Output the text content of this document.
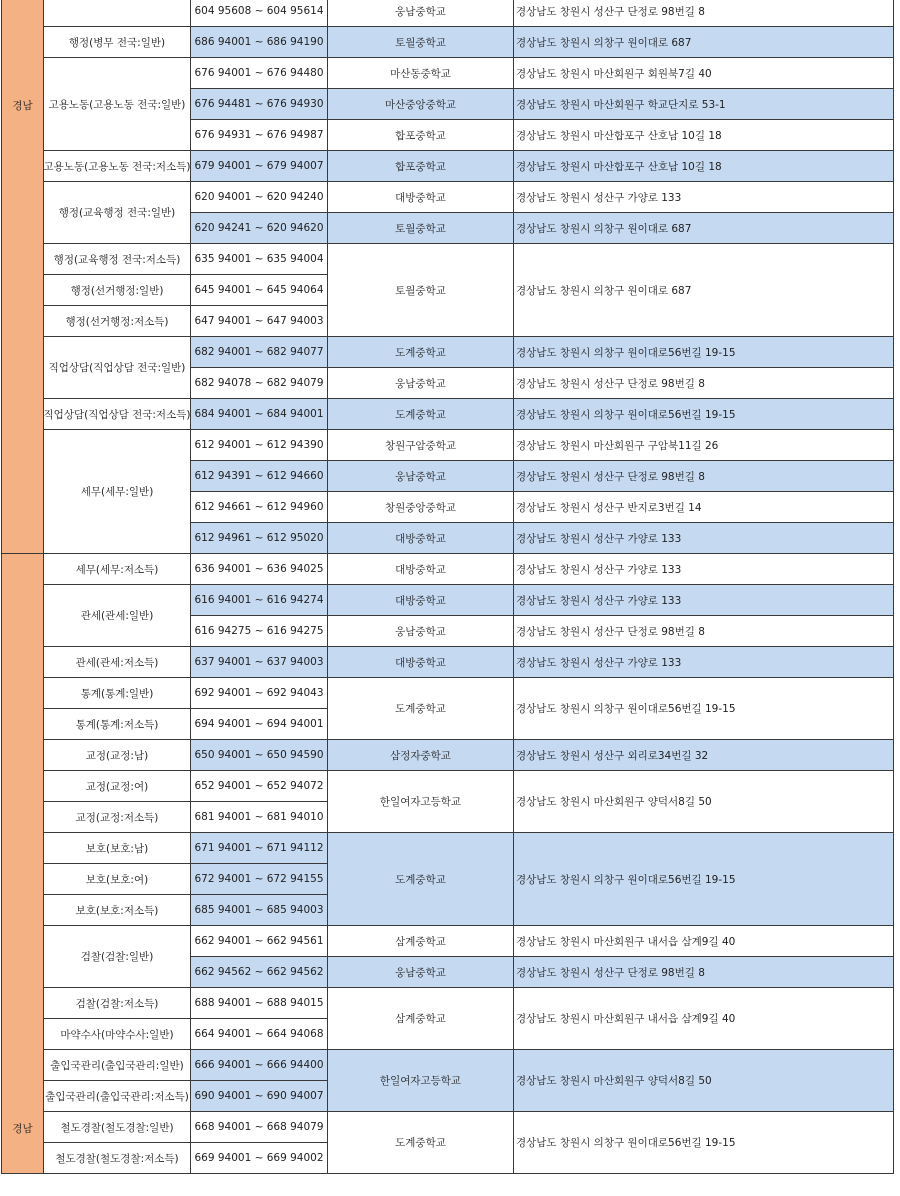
경남
경남
행정(병무 전국:일반)
고용노동(고용노동 전국:일반)
고용노동(고용노동 전국:저소득)
행정(교육행정 전국:일반)
행정(교육행정 전국:저소득)
행정(선거행정:일반)
행정(선거행정:저소득)
직업상담(직업상담 전국:일반)
직업상담(직업상담 전국:저소득)
세무(세무:일반)
세무(세무:저소득)
관세(관세:일반)
관세(관세:저소득)
통계(통계:일반)
통계(통계:저소득)
교정(교정:남)
교정(교정:여)
교정(교정:저소득)
보호(보호:남)
보호(보호:여)
보호(보호:저소득)
검찰(검찰:일반)
검찰(검찰:저소득)
마약수사(마약수사:일반)
출입국관리(출입국관리:일반)
출입국관리(출입국관리:저소득)
철도경찰(철도경찰:일반)
철도경찰(철도경찰:저소득)
604 95608 ~ 604 95614
686 94001 ~ 686 94190
676 94001 ~ 676 94480
676 94481 ~ 676 94930
676 94931 ~ 676 94987
679 94001 ~ 679 94007
620 94001 ~ 620 94240
620 94241 ~ 620 94620
635 94001 ~ 635 94004
645 94001 ~ 645 94064
647 94001 ~ 647 94003
682 94001 ~ 682 94077
682 94078 ~ 682 94079
684 94001 ~ 684 94001
612 94001 ~ 612 94390
612 94391 ~ 612 94660
612 94661 ~ 612 94960
612 94961 ~ 612 95020
636 94001 ~ 636 94025
616 94001 ~ 616 94274
616 94275 ~ 616 94275
637 94001 ~ 637 94003
692 94001 ~ 692 94043
694 94001 ~ 694 94001
650 94001 ~ 650 94590
652 94001 ~ 652 94072
681 94001 ~ 681 94010
671 94001 ~ 671 94112
672 94001 ~ 672 94155
685 94001 ~ 685 94003
662 94001 ~ 662 94561
662 94562 ~ 662 94562
688 94001 ~ 688 94015
664 94001 ~ 664 94068
666 94001 ~ 666 94400
690 94001 ~ 690 94007
668 94001 ~ 668 94079
669 94001 ~ 669 94002
웅남중학교
토월중학교
마산동중학교
마산중앙중학교
합포중학교
합포중학교
대방중학교
토월중학교
토월중학교
도계중학교
웅남중학교
도계중학교
창원구암중학교
웅남중학교
창원중앙중학교
대방중학교
대방중학교
대방중학교
웅남중학교
대방중학교
도계중학교
삼정자중학교
한일여자고등학교
도계중학교
삼계중학교
웅남중학교
삼계중학교
한일여자고등학교
도계중학교
경상남도 창원시 성산구 단정로 98번길 8
경상남도 창원시 의창구 원이대로 687
경상남도 창원시 마산회원구 회원북7길 40
경상남도 창원시 마산회원구 학교단지로 53-1
경상남도 창원시 마산합포구 산호남 10길 18
경상남도 창원시 마산합포구 산호남 10길 18
경상남도 창원시 성산구 가양로 133
경상남도 창원시 의창구 원이대로 687
경상남도 창원시 의창구 원이대로 687
경상남도 창원시 의창구 원이대로56번길 19-15
경상남도 창원시 성산구 단정로 98번길 8
경상남도 창원시 의창구 원이대로56번길 19-15
경상남도 창원시 마산회원구 구암북11길 26
경상남도 창원시 성산구 단정로 98번길 8
경상남도 창원시 성산구 반지로3번길 14
경상남도 창원시 성산구 가양로 133
경상남도 창원시 성산구 가양로 133
경상남도 창원시 성산구 가양로 133
경상남도 창원시 성산구 단정로 98번길 8
경상남도 창원시 성산구 가양로 133
경상남도 창원시 의창구 원이대로56번길 19-15
경상남도 창원시 성산구 외리로34번길 32
경상남도 창원시 마산회원구 양덕서8길 50
경상남도 창원시 의창구 원이대로56번길 19-15
경상남도 창원시 마산회원구 내서읍 삼계9길 40
경상남도 창원시 성산구 단정로 98번길 8
경상남도 창원시 마산회원구 내서읍 삼계9길 40
경상남도 창원시 마산회원구 양덕서8길 50
경상남도 창원시 의창구 원이대로56번길 19-15
